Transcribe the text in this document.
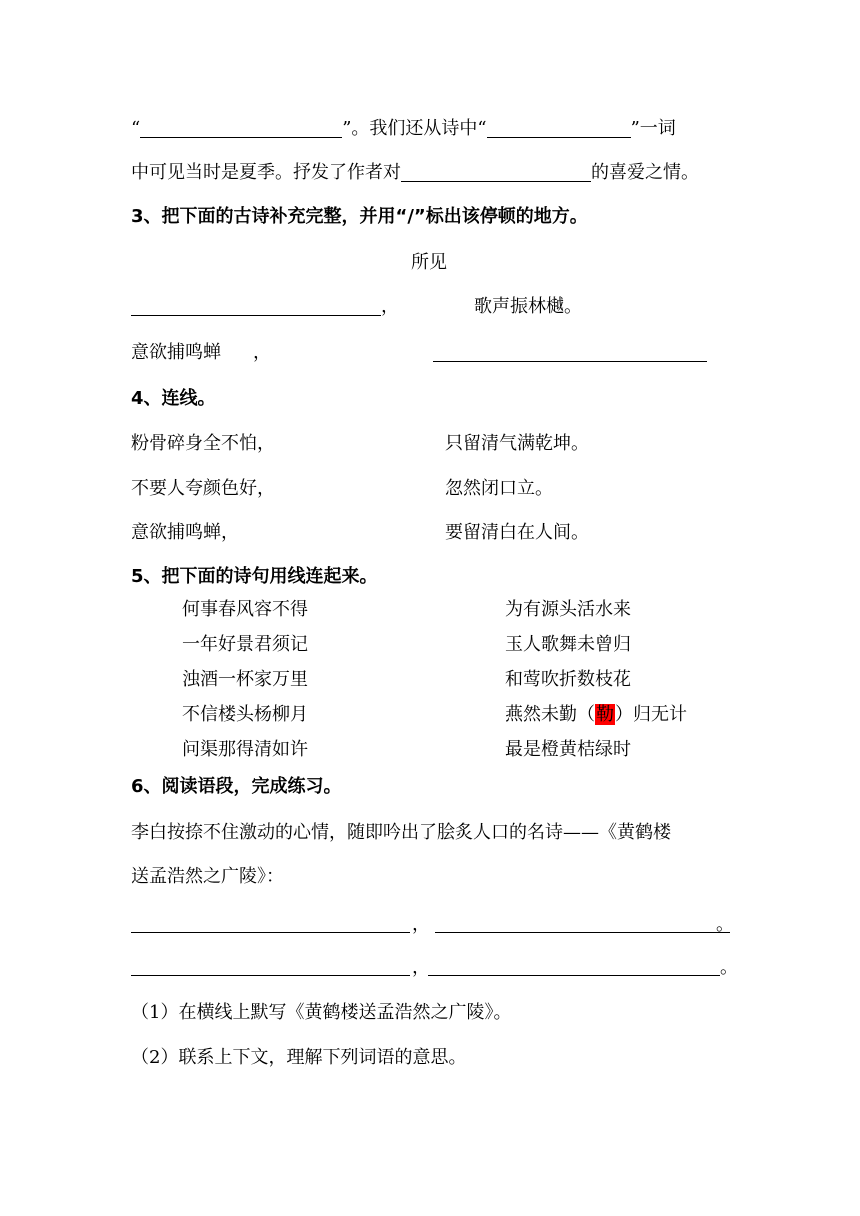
“	”。我们还从诗中“	”一词
中可见当时是夏季。抒发了作者对	的喜爱之情。
3、把下面的古诗补充完整，并用“/”标出该停顿的地方。
所见
，	歌声振林樾。
意欲捕鸣蝉 ，
4、连线。
粉骨碎身全不怕，	只留清气满乾坤。
不要人夸颜色好，	忽然闭口立。
意欲捕鸣蝉，	要留清白在人间。
5、把下面的诗句用线连起来。
何事春风容不得	为有源头活水来
一年好景君须记	玉人歌舞未曾归
浊酒一杯家万里	和莺吹折数枝花
不信楼头杨柳月	燕然未勤（勒）归无计
问渠那得清如许	最是橙黄桔绿时
6、阅读语段，完成练习。
李白按捺不住激动的心情，随即吟出了脍炙人口的名诗——《黄鹤楼
送孟浩然之广陵》：
，	。
，	。
（1）在横线上默写《黄鹤楼送孟浩然之广陵》。
（2）联系上下文，理解下列词语的意思。
